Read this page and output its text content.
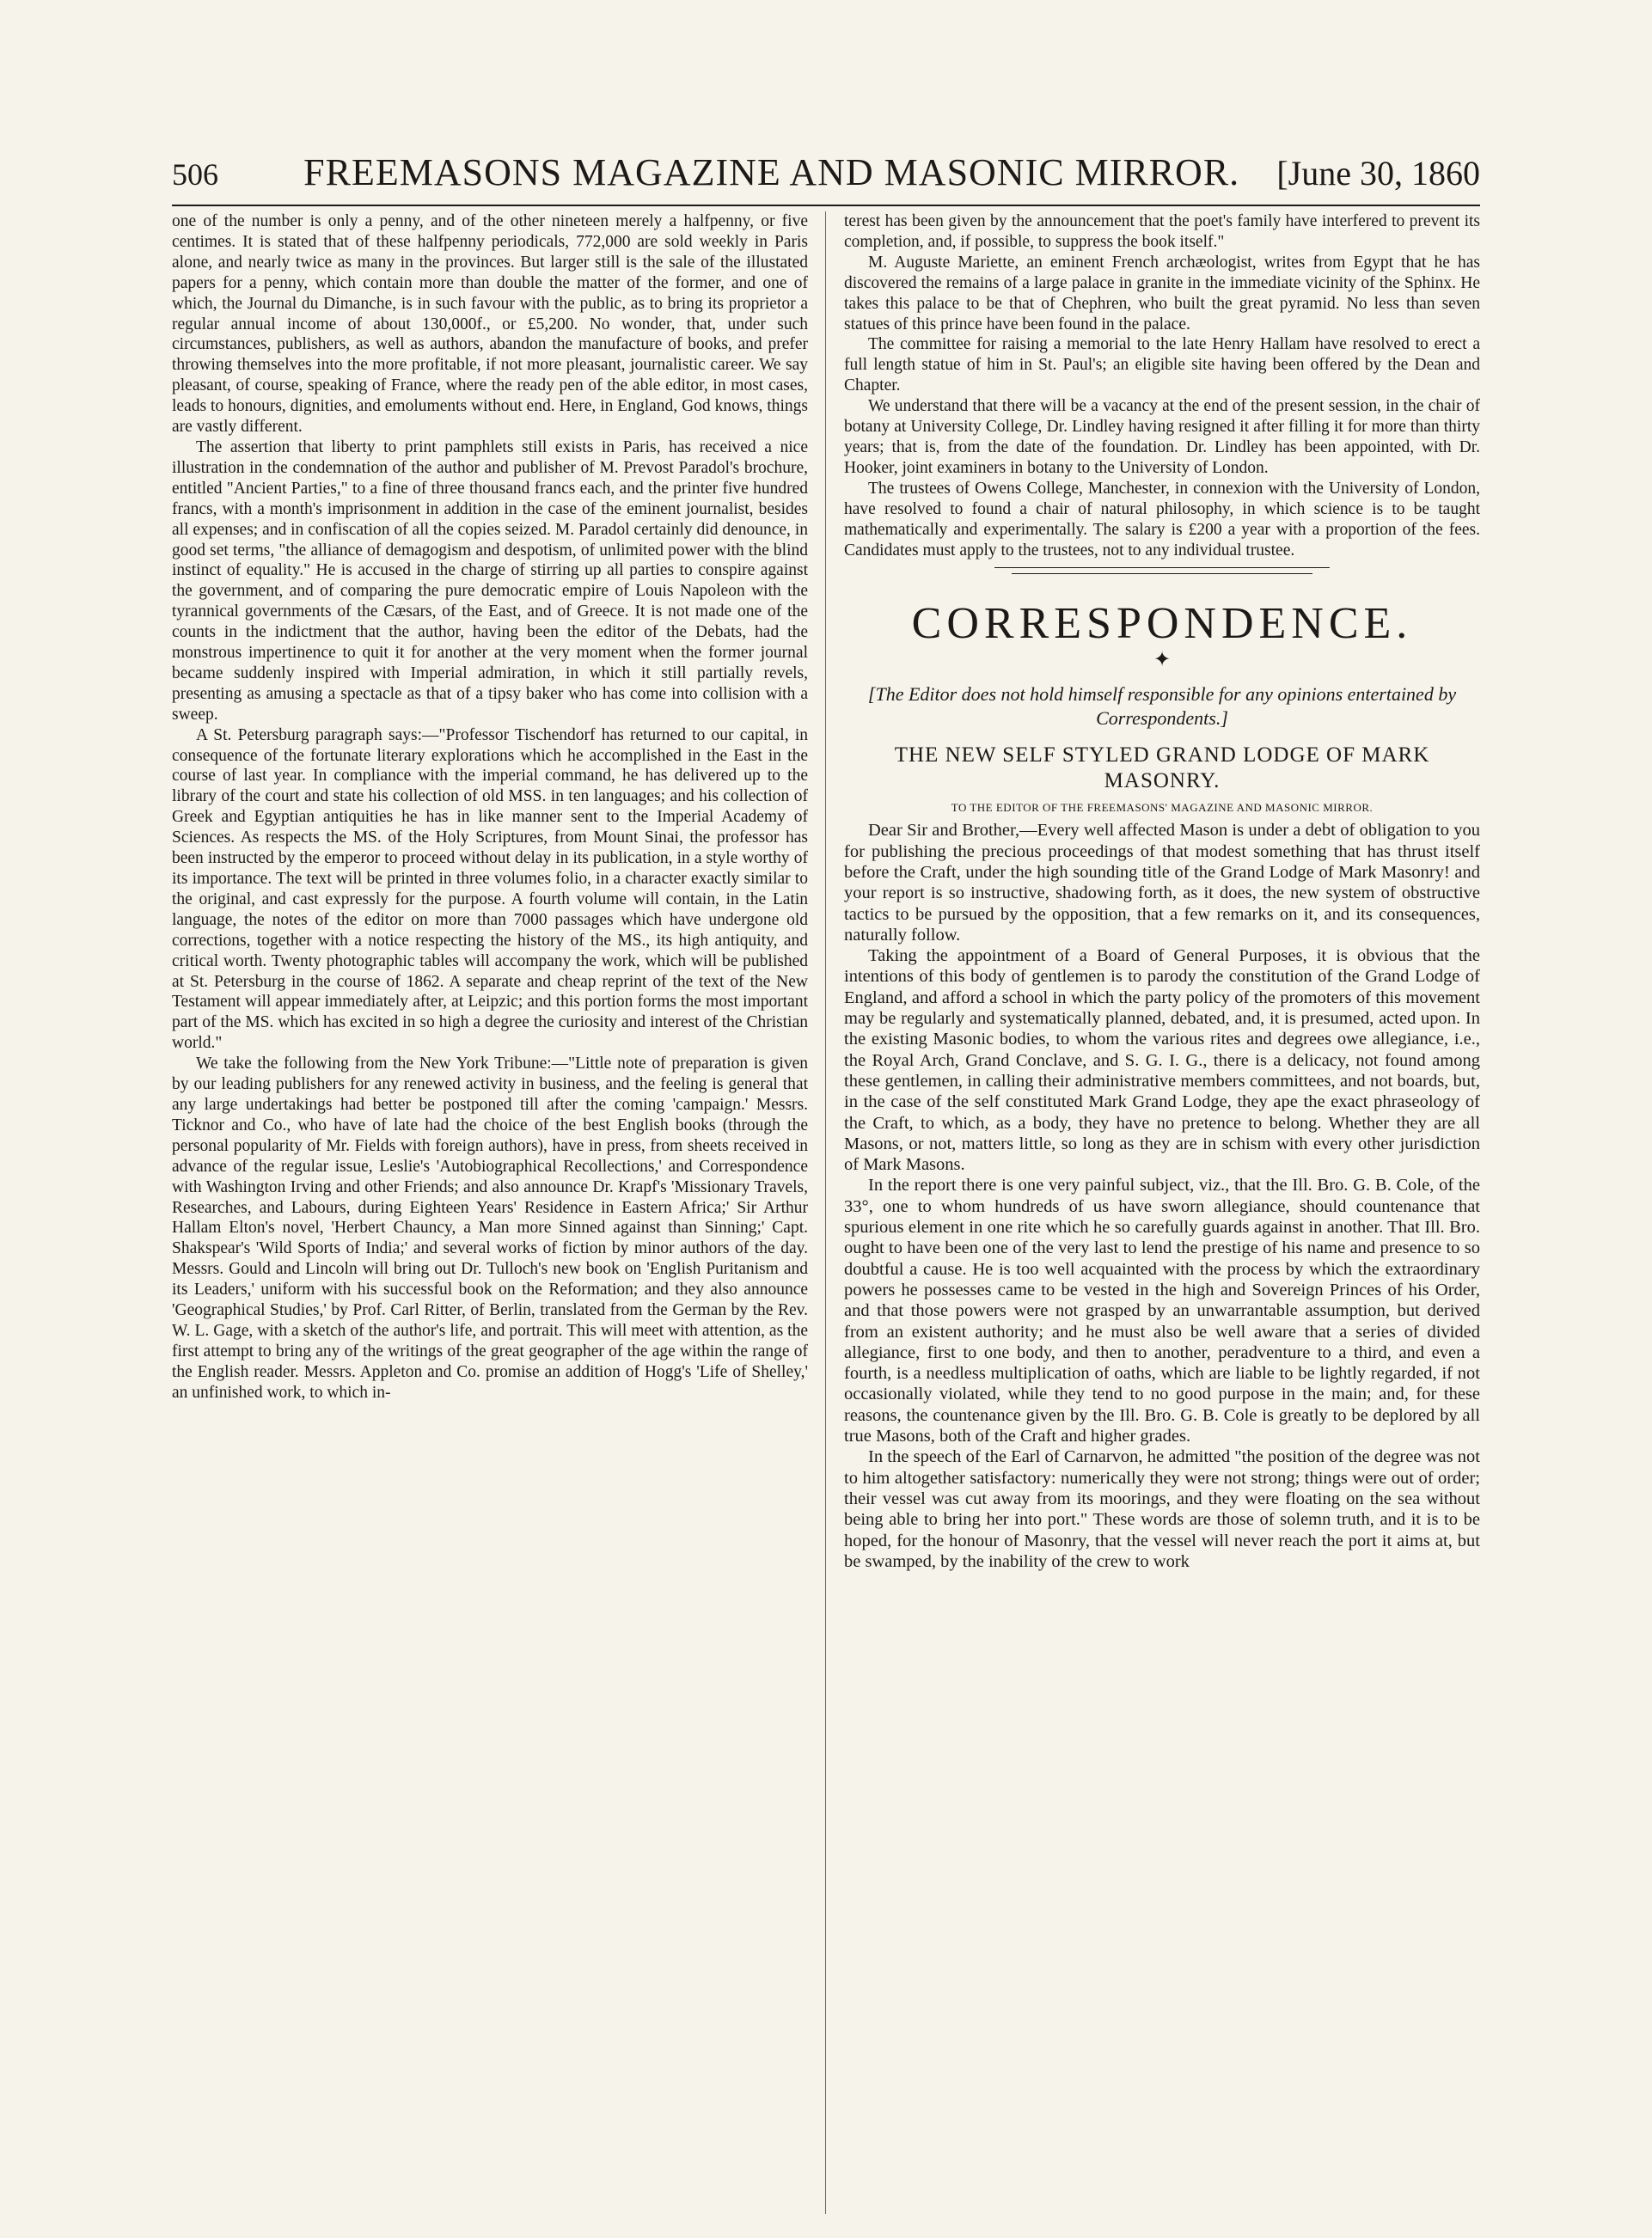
506	FREEMASONS MAGAZINE AND MASONIC MIRROR.	[June 30, 1860

one of the number is only a penny, and of the other nineteen merely a halfpenny, or five centimes. It is stated that of these halfpenny periodicals, 772,000 are sold weekly in Paris alone, and nearly twice as many in the provinces. But larger still is the sale of the illustated papers for a penny, which contain more than double the matter of the former, and one of which, the Journal du Dimanche, is in such favour with the public, as to bring its proprietor a regular annual income of about 130,000f., or £5,200. No wonder, that, under such circumstances, publishers, as well as authors, abandon the manufacture of books, and prefer throwing themselves into the more profitable, if not more pleasant, journalistic career. We say pleasant, of course, speaking of France, where the ready pen of the able editor, in most cases, leads to honours, dignities, and emoluments without end. Here, in England, God knows, things are vastly different.

The assertion that liberty to print pamphlets still exists in Paris, has received a nice illustration in the condemnation of the author and publisher of M. Prevost Paradol's brochure, entitled "Ancient Parties," to a fine of three thousand francs each, and the printer five hundred francs, with a month's imprisonment in addition in the case of the eminent journalist, besides all expenses; and in confiscation of all the copies seized. M. Paradol certainly did denounce, in good set terms, "the alliance of demagogism and despotism, of unlimited power with the blind instinct of equality." He is accused in the charge of stirring up all parties to conspire against the government, and of comparing the pure democratic empire of Louis Napoleon with the tyrannical governments of the Cæsars, of the East, and of Greece. It is not made one of the counts in the indictment that the author, having been the editor of the Debats, had the monstrous impertinence to quit it for another at the very moment when the former journal became suddenly inspired with Imperial admiration, in which it still partially revels, presenting as amusing a spectacle as that of a tipsy baker who has come into collision with a sweep.

A St. Petersburg paragraph says:—"Professor Tischendorf has returned to our capital, in consequence of the fortunate literary explorations which he accomplished in the East in the course of last year. In compliance with the imperial command, he has delivered up to the library of the court and state his collection of old MSS. in ten languages; and his collection of Greek and Egyptian antiquities he has in like manner sent to the Imperial Academy of Sciences. As respects the MS. of the Holy Scriptures, from Mount Sinai, the professor has been instructed by the emperor to proceed without delay in its publication, in a style worthy of its importance. The text will be printed in three volumes folio, in a character exactly similar to the original, and cast expressly for the purpose. A fourth volume will contain, in the Latin language, the notes of the editor on more than 7000 passages which have undergone old corrections, together with a notice respecting the history of the MS., its high antiquity, and critical worth. Twenty photographic tables will accompany the work, which will be published at St. Petersburg in the course of 1862. A separate and cheap reprint of the text of the New Testament will appear immediately after, at Leipzic; and this portion forms the most important part of the MS. which has excited in so high a degree the curiosity and interest of the Christian world."

We take the following from the New York Tribune:—"Little note of preparation is given by our leading publishers for any renewed activity in business, and the feeling is general that any large undertakings had better be postponed till after the coming 'campaign.' Messrs. Ticknor and Co., who have of late had the choice of the best English books (through the personal popularity of Mr. Fields with foreign authors), have in press, from sheets received in advance of the regular issue, Leslie's 'Autobiographical Recollections,' and Correspondence with Washington Irving and other Friends; and also announce Dr. Krapf's 'Missionary Travels, Researches, and Labours, during Eighteen Years' Residence in Eastern Africa;' Sir Arthur Hallam Elton's novel, 'Herbert Chauncy, a Man more Sinned against than Sinning;' Capt. Shakspear's 'Wild Sports of India;' and several works of fiction by minor authors of the day. Messrs. Gould and Lincoln will bring out Dr. Tulloch's new book on 'English Puritanism and its Leaders,' uniform with his successful book on the Reformation; and they also announce 'Geographical Studies,' by Prof. Carl Ritter, of Berlin, translated from the German by the Rev. W. L. Gage, with a sketch of the author's life, and portrait. This will meet with attention, as the first attempt to bring any of the writings of the great geographer of the age within the range of the English reader. Messrs. Appleton and Co. promise an addition of Hogg's 'Life of Shelley,' an unfinished work, to which in-

terest has been given by the announcement that the poet's family have interfered to prevent its completion, and, if possible, to suppress the book itself."

M. Auguste Mariette, an eminent French archæologist, writes from Egypt that he has discovered the remains of a large palace in granite in the immediate vicinity of the Sphinx. He takes this palace to be that of Chephren, who built the great pyramid. No less than seven statues of this prince have been found in the palace.

The committee for raising a memorial to the late Henry Hallam have resolved to erect a full length statue of him in St. Paul's; an eligible site having been offered by the Dean and Chapter.

We understand that there will be a vacancy at the end of the present session, in the chair of botany at University College, Dr. Lindley having resigned it after filling it for more than thirty years; that is, from the date of the foundation. Dr. Lindley has been appointed, with Dr. Hooker, joint examiners in botany to the University of London.

The trustees of Owens College, Manchester, in connexion with the University of London, have resolved to found a chair of natural philosophy, in which science is to be taught mathematically and experimentally. The salary is £200 a year with a proportion of the fees. Candidates must apply to the trustees, not to any individual trustee.

CORRESPONDENCE.
✦
[The Editor does not hold himself responsible for any opinions entertained by Correspondents.]
THE NEW SELF STYLED GRAND LODGE OF MARK MASONRY.
TO THE EDITOR OF THE FREEMASONS' MAGAZINE AND MASONIC MIRROR.

Dear Sir and Brother,—Every well affected Mason is under a debt of obligation to you for publishing the precious proceedings of that modest something that has thrust itself before the Craft, under the high sounding title of the Grand Lodge of Mark Masonry! and your report is so instructive, shadowing forth, as it does, the new system of obstructive tactics to be pursued by the opposition, that a few remarks on it, and its consequences, naturally follow.

Taking the appointment of a Board of General Purposes, it is obvious that the intentions of this body of gentlemen is to parody the constitution of the Grand Lodge of England, and afford a school in which the party policy of the promoters of this movement may be regularly and systematically planned, debated, and, it is presumed, acted upon. In the existing Masonic bodies, to whom the various rites and degrees owe allegiance, i.e., the Royal Arch, Grand Conclave, and S. G. I. G., there is a delicacy, not found among these gentlemen, in calling their administrative members committees, and not boards, but, in the case of the self constituted Mark Grand Lodge, they ape the exact phraseology of the Craft, to which, as a body, they have no pretence to belong. Whether they are all Masons, or not, matters little, so long as they are in schism with every other jurisdiction of Mark Masons.

In the report there is one very painful subject, viz., that the Ill. Bro. G. B. Cole, of the 33°, one to whom hundreds of us have sworn allegiance, should countenance that spurious element in one rite which he so carefully guards against in another. That Ill. Bro. ought to have been one of the very last to lend the prestige of his name and presence to so doubtful a cause. He is too well acquainted with the process by which the extraordinary powers he possesses came to be vested in the high and Sovereign Princes of his Order, and that those powers were not grasped by an unwarrantable assumption, but derived from an existent authority; and he must also be well aware that a series of divided allegiance, first to one body, and then to another, peradventure to a third, and even a fourth, is a needless multiplication of oaths, which are liable to be lightly regarded, if not occasionally violated, while they tend to no good purpose in the main; and, for these reasons, the countenance given by the Ill. Bro. G. B. Cole is greatly to be deplored by all true Masons, both of the Craft and higher grades.

In the speech of the Earl of Carnarvon, he admitted "the position of the degree was not to him altogether satisfactory: numerically they were not strong; things were out of order; their vessel was cut away from its moorings, and they were floating on the sea without being able to bring her into port." These words are those of solemn truth, and it is to be hoped, for the honour of Masonry, that the vessel will never reach the port it aims at, but be swamped, by the inability of the crew to work
